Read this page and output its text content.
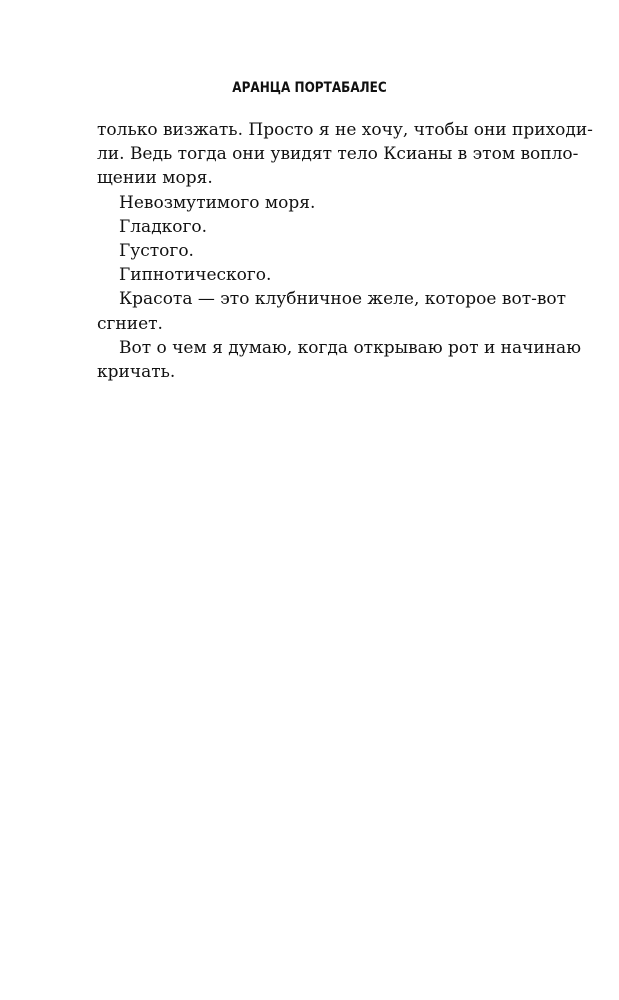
АРАНЦА ПОРТАБАЛЕС
только визжать. Просто я не хочу, чтобы они приходи-
ли. Ведь тогда они увидят тело Ксианы в этом вопло-
щении моря.
Невозмутимого моря.
Гладкого.
Густого.
Гипнотического.
Красота — это клубничное желе, которое вот-вот
сгниет.
Вот о чем я думаю, когда открываю рот и начинаю
кричать.
